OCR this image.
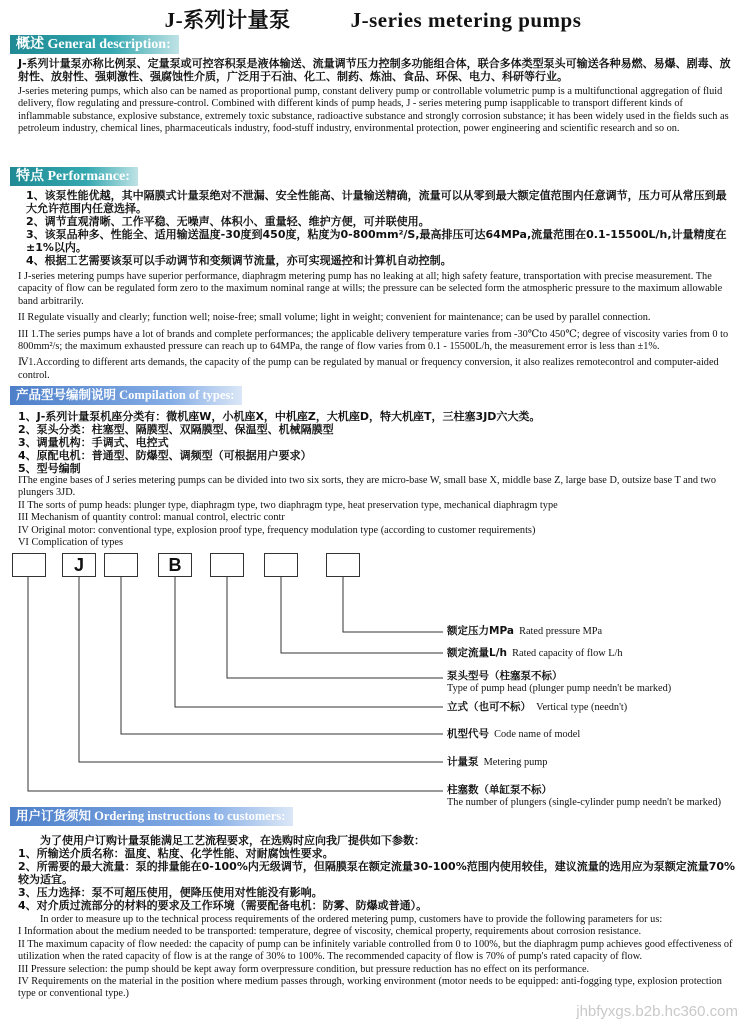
J-系列计量泵	J-series metering pumps
概述 General description:

J-系列计量泵亦称比例泵、定量泵或可控容积泵是液体输送、流量调节压力控制多功能组合体，联合多体类型泵头可输送各种易燃、易爆、剧毒、放射性、放射性、强刺激性、强腐蚀性介质，广泛用于石油、化工、制药、炼油、食品、环保、电力、科研等行业。

J-series metering pumps, which also can be named as proportional pump, constant delivery pump or controllable volumetric pump is a multifunctional aggregation of fluid delivery, flow regulating and pressure-control. Combined with different kinds of pump heads, J - series metering pump isapplicable to transport different kinds of inflammable substance, explosive substance, extremely toxic substance, radioactive substance and strongly corrosion substance; it has been widely used in the fields such as petroleum industry, chemical lines, pharmaceuticals industry, food-stuff industry, environmental protection, power engineering and scientific research and so on.

特点 Performance:

1、该泵性能优越，其中隔膜式计量泵绝对不泄漏、安全性能高、计量输送精确，流量可以从零到最大额定值范围内任意调节，压力可从常压到最大允许范围内任意选择。

2、调节直观清晰、工作平稳、无噪声、体积小、重量轻、维护方便，可并联使用。

3、该泵品种多、性能全、适用输送温度-30度到450度，粘度为0-800mm²/S,最高排压可达64MPa,流量范围在0.1-15500L/h,计量精度在±1%以内。

4、根据工艺需要该泵可以手动调节和变频调节流量，亦可实现遥控和计算机自动控制。

I J-series metering pumps have superior performance, diaphragm metering pump has no leaking at all; high safety feature, transportation with precise measurement. The capacity of flow can be regulated form zero to the maximum nominal range at wills; the pressure can be selected form the atmospheric pressure to the maximum allowable band arbitrarily.

II Regulate visually and clearly; function well; noise-free; small volume; light in weight; convenient for maintenance; can be used by parallel connection.

III 1.The series pumps have a lot of brands and complete performances; the applicable delivery temperature varies from -30℃to 450℃; degree of viscosity varies from 0 to 800mm²/s; the maximum exhausted pressure can reach up to 64MPa, the range of flow varies from 0.1 - 15500L/h, the measurement error is less than ±1%.

Ⅳ1.According to different arts demands, the capacity of the pump can be regulated by manual or frequency conversion, it also realizes remotecontrol and computer-aided control.

产品型号编制说明 Compilation of types:

1、J-系列计量泵机座分类有：微机座W，小机座X，中机座Z，大机座D，特大机座T，三柱塞3JD六大类。

2、泵头分类：柱塞型、隔膜型、双隔膜型、保温型、机械隔膜型

3、调量机构：手调式、电控式

4、原配电机：普通型、防爆型、调频型（可根据用户要求）

5、型号编制

IThe engine bases of J series metering pumps can be divided into two six sorts, they are micro-base W, small base X, middle base Z, large base D, outsize base T and two plungers 3JD.

II The sorts of pump heads: plunger type, diaphragm type, two diaphragm type, heat preservation type, mechanical diaphragm type

III Mechanism of quantity control: manual control, electric contr

IV Original motor: conventional type, explosion proof type, frequency modulation type (according to customer requirements)

VI Complication of types

J	B
额定压力MPa Rated pressure MPa
额定流量L/h Rated capacity of flow L/h
泵头型号（柱塞泵不标）
Type of pump head (plunger pump needn't be marked)
立式（也可不标） Vertical type (needn't)
机型代号 Code name of model
计量泵 Metering pump
柱塞数（单缸泵不标）
The number of plungers (single-cylinder pump needn't be marked)
用户订货须知 Ordering instructions to customers:

为了使用户订购计量泵能满足工艺流程要求，在选购时应向我厂提供如下参数：

1、所输送介质名称：温度、粘度、化学性能、对耐腐蚀性要求。

2、所需要的最大流量：泵的排量能在0-100%内无级调节，但隔膜泵在额定流量30-100%范围内使用较佳，建议流量的选用应为泵额定流量70%较为适宜。

3、压力选择：泵不可超压使用，便降压使用对性能没有影响。

4、对介质过流部分的材料的要求及工作环境（需要配备电机：防雾、防爆或普通）。

In order to measure up to the technical process requirements of the ordered metering pump, customers have to provide the following parameters for us:

I Information about the medium needed to be transported: temperature, degree of viscosity, chemical property, requirements about corrosion resistance.

II The maximum capacity of flow needed: the capacity of pump can be infinitely variable controlled from 0 to 100%, but the diaphragm pump achieves good effectiveness of utilization when the rated capacity of flow is at the range of 30% to 100%. The recommended capacity of flow is 70% of pump's rated capacity of flow.

III Pressure selection: the pump should be kept away form overpressure condition, but pressure reduction has no effect on its performance.

IV Requirements on the material in the position where medium passes through, working environment (motor needs to be equipped: anti-fogging type, explosion protection type or conventional type.)

jhbfyxgs.b2b.hc360.com
